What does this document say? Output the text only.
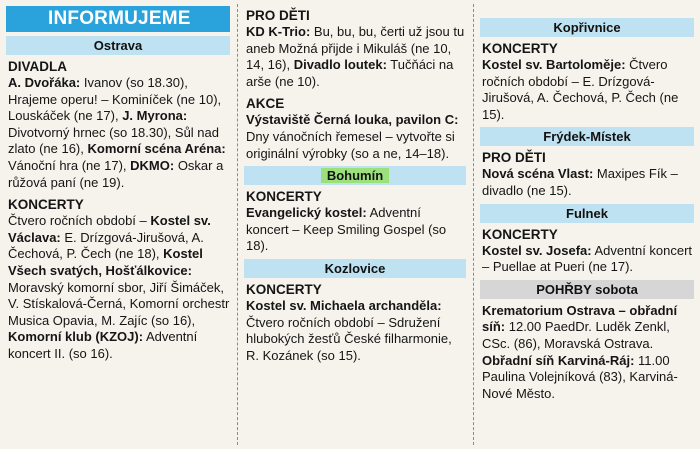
INFORMUJEME
Ostrava
DIVADLA

A. Dvořáka: Ivanov (so 18.30), Hrajeme operu! – Kominíček (ne 10), Louskáček (ne 17), J. Myrona: Divotvorný hrnec (so 18.30), Sůl nad zlato (ne 16), Komorní scéna Aréna: Vánoční hra (ne 17), DKMO: Oskar a růžová paní (ne 19).

KONCERTY

Čtvero ročních období – Kostel sv. Václava: E. Drízgová-Jirušová, A. Čechová, P. Čech (ne 18), Kostel Všech svatých, Hošťálkovice: Moravský komorní sbor, Jiří Šimáček, V. Stískalová-Černá, Komorní orchestr Musica Opavia, M. Zajíc (so 16), Komorní klub (KZOJ): Adventní koncert II. (so 16).

PRO DĚTI

KD K-Trio: Bu, bu, bu, čerti už jsou tu aneb Možná přijde i Mikuláš (ne 10, 14, 16), Divadlo loutek: Tučňáci na arše (ne 10).

AKCE

Výstaviště Černá louka, pavilon C: Dny vánočních řemesel – vytvořte si originální výrobky (so a ne, 14–18).

Bohumín
KONCERTY

Evangelický kostel: Adventní koncert – Keep Smiling Gospel (so 18).

Kozlovice
KONCERTY

Kostel sv. Michaela archanděla: Čtvero ročních období – Sdružení hlubokých žesťů České filharmonie, R. Kozánek (so 15).

Kopřivnice
KONCERTY

Kostel sv. Bartoloměje: Čtvero ročních období – E. Drízgová-Jirušová, A. Čechová, P. Čech (ne 15).

Frýdek-Místek
PRO DĚTI

Nová scéna Vlast: Maxipes Fík – divadlo (ne 15).

Fulnek
KONCERTY

Kostel sv. Josefa: Adventní koncert – Puellae at Pueri (ne 17).

POHŘBY sobota

Krematorium Ostrava – obřadní síň: 12.00 PaedDr. Luděk Zenkl, CSc. (86), Moravská Ostrava. Obřadní síň Karviná-Ráj: 11.00 Paulina Volejníková (83), Karviná-Nové Město.
